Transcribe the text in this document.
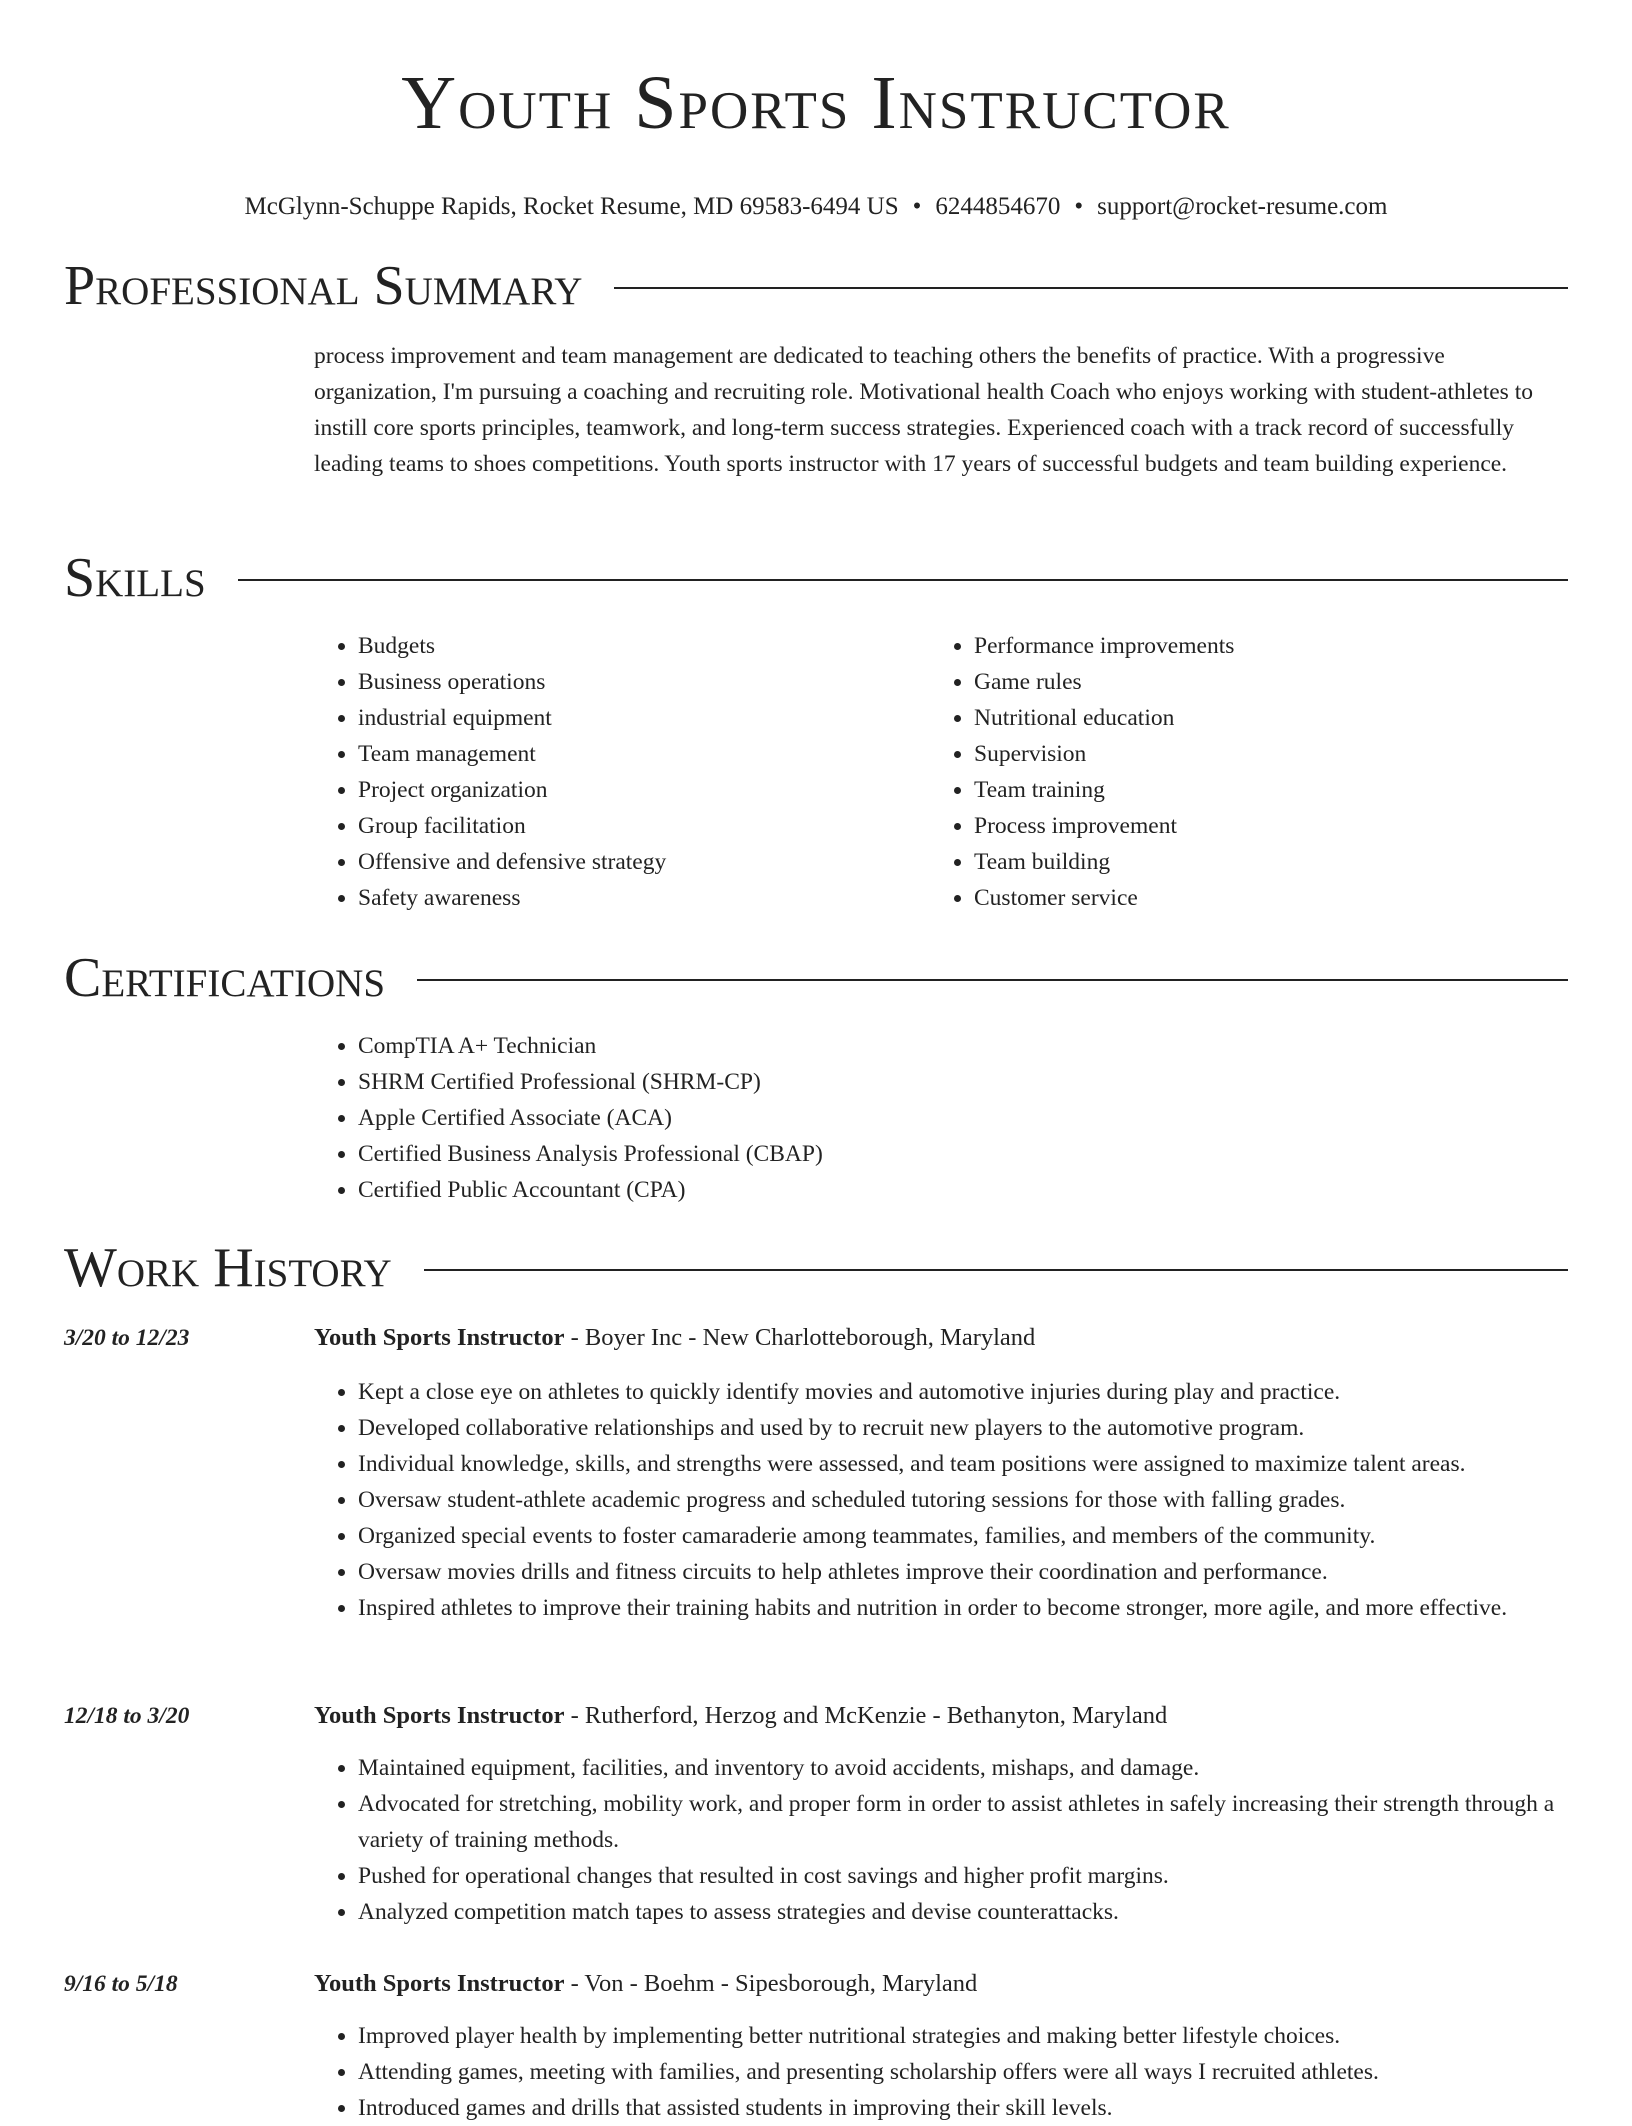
Youth Sports Instructor
McGlynn-Schuppe Rapids, Rocket Resume, MD 69583-6494 US • 6244854670 • support@rocket-resume.com
Professional Summary

process improvement and team management are dedicated to teaching others the benefits of practice. With a progressive organization, I'm pursuing a coaching and recruiting role. Motivational health Coach who enjoys working with student-athletes to instill core sports principles, teamwork, and long-term success strategies. Experienced coach with a track record of successfully leading teams to shoes competitions. Youth sports instructor with 17 years of successful budgets and team building experience.

Skills
• Budgets
• Business operations
• industrial equipment
• Team management
• Project organization
• Group facilitation
• Offensive and defensive strategy
• Safety awareness
• Performance improvements
• Game rules
• Nutritional education
• Supervision
• Team training
• Process improvement
• Team building
• Customer service
Certifications
• CompTIA A+ Technician
• SHRM Certified Professional (SHRM-CP)
• Apple Certified Associate (ACA)
• Certified Business Analysis Professional (CBAP)
• Certified Public Accountant (CPA)
Work History
3/20 to 12/23	Youth Sports Instructor - Boyer Inc - New Charlotteborough, Maryland
• Kept a close eye on athletes to quickly identify movies and automotive injuries during play and practice.
• Developed collaborative relationships and used by to recruit new players to the automotive program.
• Individual knowledge, skills, and strengths were assessed, and team positions were assigned to maximize talent areas.
• Oversaw student-athlete academic progress and scheduled tutoring sessions for those with falling grades.
• Organized special events to foster camaraderie among teammates, families, and members of the community.
• Oversaw movies drills and fitness circuits to help athletes improve their coordination and performance.
• Inspired athletes to improve their training habits and nutrition in order to become stronger, more agile, and more effective.
12/18 to 3/20	Youth Sports Instructor - Rutherford, Herzog and McKenzie - Bethanyton, Maryland
• Maintained equipment, facilities, and inventory to avoid accidents, mishaps, and damage.
• Advocated for stretching, mobility work, and proper form in order to assist athletes in safely increasing their strength through a variety of training methods.
• Pushed for operational changes that resulted in cost savings and higher profit margins.
• Analyzed competition match tapes to assess strategies and devise counterattacks.
9/16 to 5/18	Youth Sports Instructor - Von - Boehm - Sipesborough, Maryland
• Improved player health by implementing better nutritional strategies and making better lifestyle choices.
• Attending games, meeting with families, and presenting scholarship offers were all ways I recruited athletes.
• Introduced games and drills that assisted students in improving their skill levels.
